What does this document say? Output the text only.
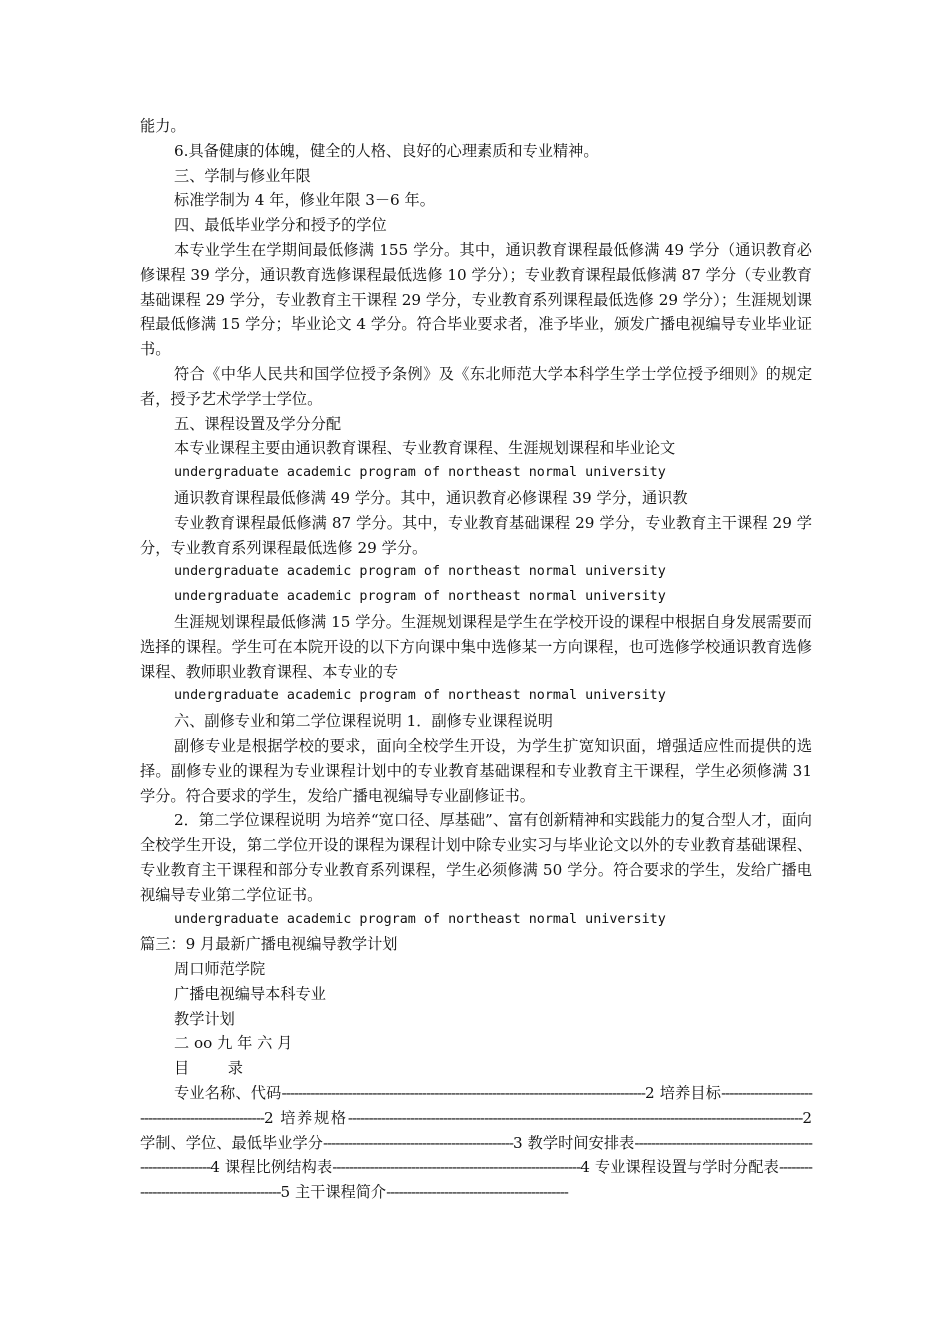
能力。

6.具备健康的体魄，健全的人格、良好的心理素质和专业精神。

三、学制与修业年限

标准学制为 4 年，修业年限 3－6 年。

四、最低毕业学分和授予的学位

本专业学生在学期间最低修满 155 学分。其中，通识教育课程最低修满 49 学分（通识教育必修课程 39 学分，通识教育选修课程最低选修 10 学分）；专业教育课程最低修满 87 学分（专业教育基础课程 29 学分，专业教育主干课程 29 学分，专业教育系列课程最低选修 29 学分）；生涯规划课程最低修满 15 学分；毕业论文 4 学分。符合毕业要求者，准予毕业，颁发广播电视编导专业毕业证书。

符合《中华人民共和国学位授予条例》及《东北师范大学本科学生学士学位授予细则》的规定者，授予艺术学学士学位。

五、课程设置及学分分配

本专业课程主要由通识教育课程、专业教育课程、生涯规划课程和毕业论文

undergraduate academic program of northeast normal university

通识教育课程最低修满 49 学分。其中，通识教育必修课程 39 学分，通识教

专业教育课程最低修满 87 学分。其中，专业教育基础课程 29 学分，专业教育主干课程 29 学分，专业教育系列课程最低选修 29 学分。

undergraduate academic program of northeast normal university

undergraduate academic program of northeast normal university

生涯规划课程最低修满 15 学分。生涯规划课程是学生在学校开设的课程中根据自身发展需要而选择的课程。学生可在本院开设的以下方向课中集中选修某一方向课程，也可选修学校通识教育选修课程、教师职业教育课程、本专业的专

undergraduate academic program of northeast normal university

六、副修专业和第二学位课程说明 1．副修专业课程说明

副修专业是根据学校的要求，面向全校学生开设，为学生扩宽知识面，增强适应性而提供的选择。副修专业的课程为专业课程计划中的专业教育基础课程和专业教育主干课程，学生必须修满 31 学分。符合要求的学生，发给广播电视编导专业副修证书。

2．第二学位课程说明 为培养“宽口径、厚基础”、富有创新精神和实践能力的复合型人才，面向全校学生开设，第二学位开设的课程为课程计划中除专业实习与毕业论文以外的专业教育基础课程、专业教育主干课程和部分专业教育系列课程，学生必须修满 50 学分。符合要求的学生，发给广播电视编导专业第二学位证书。

undergraduate academic program of northeast normal university

篇三：9 月最新广播电视编导教学计划

周口师范学院

广播电视编导本科专业

教学计划

二 oo 九 年 六 月

目        录

专业名称、代码----------------------------------------------------------------------------------------2 培养目标----------------------------------------------------2 培养规格--------------------------------------------------------------------------------------------------------------2 学制、学位、最低毕业学分----------------------------------------------3 教学时间安排表------------------------------------------------------------4 课程比例结构表------------------------------------------------------------4 专业课程设置与学时分配表------------------------------------------5 主干课程简介--------------------------------------------
